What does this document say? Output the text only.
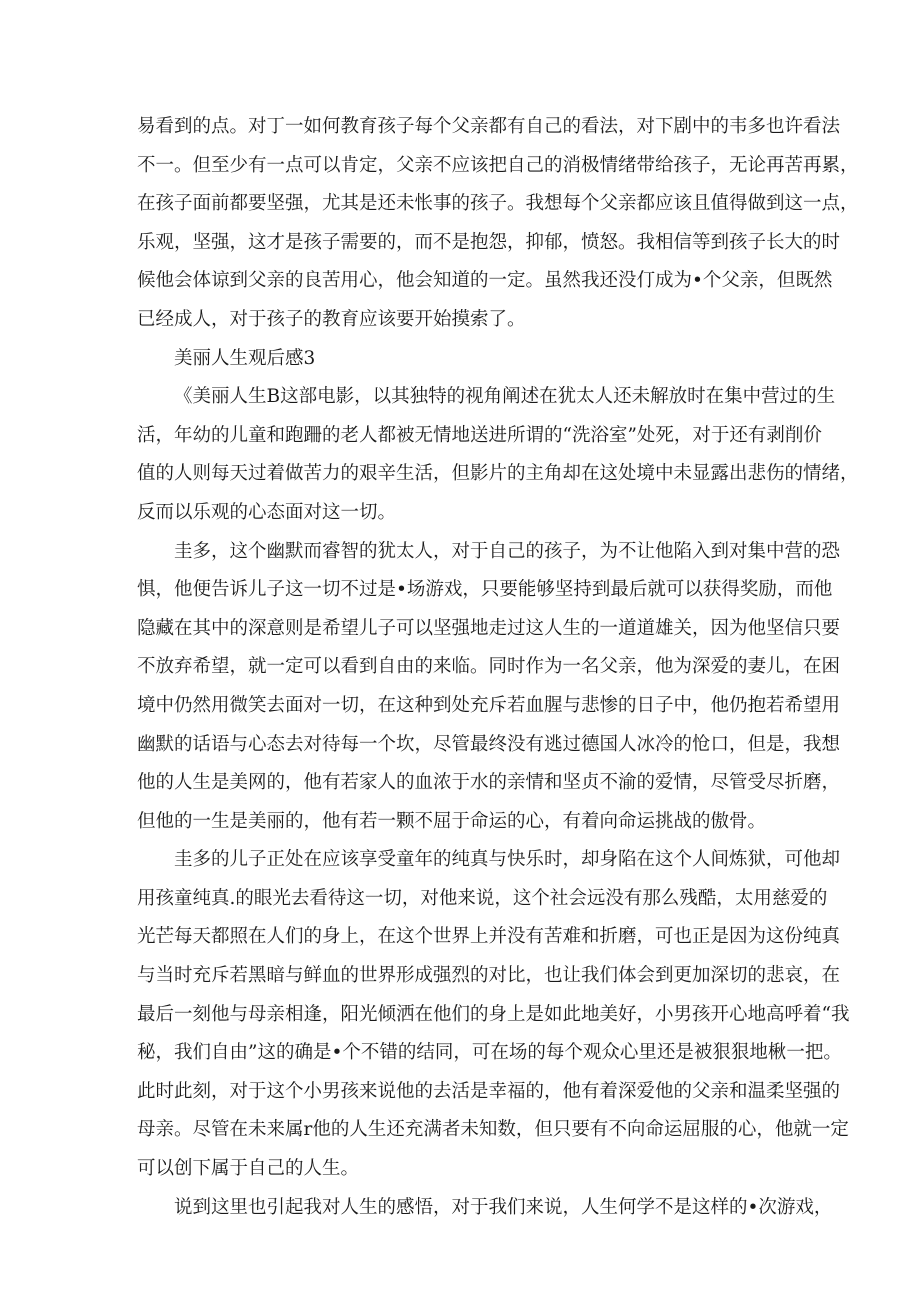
易看到的点。对丁一如何教育孩子每个父亲都有自己的看法，对下剧中的韦多也许看法
不一。但至少有一点可以肯定，父亲不应该把自己的消极情绪带给孩子，无论再苦再累，
在孩子面前都要坚强，尤其是还未怅事的孩子。我想每个父亲都应该且值得做到这一点，
乐观，坚强，这才是孩子需要的，而不是抱怨，抑郁，愤怒。我相信等到孩子长大的时
候他会体谅到父亲的良苦用心，他会知道的一定。虽然我还没仃成为•个父亲，但既然
已经成人，对于孩子的教育应该要开始摸索了。
美丽人生观后感3
《美丽人生B这部电影，以其独特的视角阐述在犹太人还未解放时在集中营过的生
活，年幼的儿童和跑跚的老人都被无情地送进所谓的“洗浴室”处死，对于还有剥削价
值的人则每天过着做苦力的艰辛生活，但影片的主角却在这处境中未显露出悲伤的情绪，
反而以乐观的心态面对这一切。
圭多，这个幽默而睿智的犹太人，对于自己的孩子，为不让他陷入到对集中营的恐
惧，他便告诉儿子这一切不过是•场游戏，只要能够坚持到最后就可以获得奖励，而他
隐藏在其中的深意则是希望儿子可以坚强地走过这人生的一道道雄关，因为他坚信只要
不放弃希望，就一定可以看到自由的来临。同时作为一名父亲，他为深爱的妻儿，在困
境中仍然用微笑去面对一切，在这种到处充斥若血腥与悲惨的日子中，他仍抱若希望用
幽默的话语与心态去对待每一个坎，尽管最终没有逃过德国人冰冷的怆口，但是，我想
他的人生是美网的，他有若家人的血浓于水的亲情和坚贞不渝的爱情，尽管受尽折磨，
但他的一生是美丽的，他有若一颗不屈于命运的心，有着向命运挑战的傲骨。
圭多的儿子正处在应该享受童年的纯真与快乐时，却身陷在这个人间炼狱，可他却
用孩童纯真.的眼光去看待这一切，对他来说，这个社会远没有那么残酷，太用慈爱的
光芒每天都照在人们的身上，在这个世界上并没有苦难和折磨，可也正是因为这份纯真
与当时充斥若黑暗与鲜血的世界形成强烈的对比，也让我们体会到更加深切的悲哀，在
最后一刻他与母亲相逢，阳光倾洒在他们的身上是如此地美好，小男孩开心地高呼着“我
秘，我们自由”这的确是•个不错的结同，可在场的每个观众心里还是被狠狠地楸一把。
此时此刻，对于这个小男孩来说他的去活是幸福的，他有着深爱他的父亲和温柔坚强的
母亲。尽管在未来属r他的人生还充满者未知数，但只要有不向命运屈服的心，他就一定
可以创下属于自己的人生。
说到这里也引起我对人生的感悟，对于我们来说，人生何学不是这样的•次游戏，
